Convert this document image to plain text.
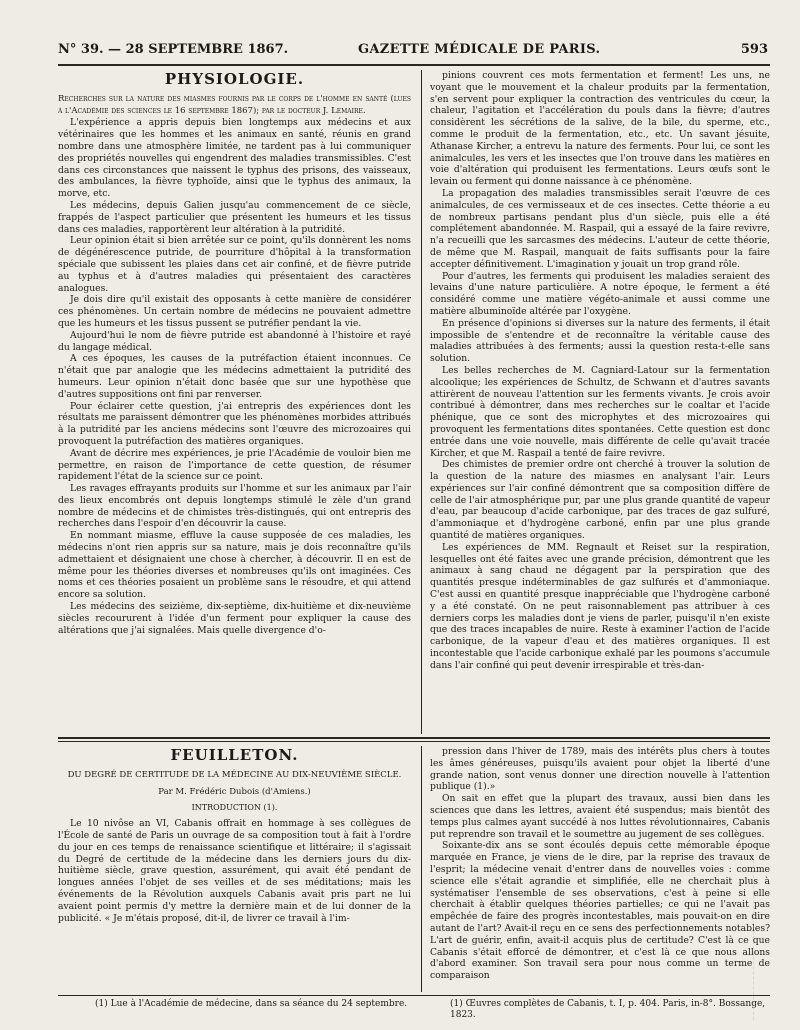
N° 39. — 28 SEPTEMBRE 1867.	GAZETTE MÉDICALE DE PARIS.	593
PHYSIOLOGIE.

Recherches sur la nature des miasmes fournis par le corps de l'homme en santé (lues à l'Académie des sciences le 16 septembre 1867); par le docteur J. Lemaire.

L'expérience a appris depuis bien longtemps aux médecins et aux vétérinaires que les hommes et les animaux en santé, réunis en grand nombre dans une atmosphère limitée, ne tardent pas à lui communiquer des propriétés nouvelles qui engendrent des maladies transmissibles. C'est dans ces circonstances que naissent le typhus des prisons, des vaisseaux, des ambulances, la fièvre typhoïde, ainsi que le typhus des animaux, la morve, etc.

Les médecins, depuis Galien jusqu'au commencement de ce siècle, frappés de l'aspect particulier que présentent les humeurs et les tissus dans ces maladies, rapportèrent leur altération à la putridité.

Leur opinion était si bien arrêtée sur ce point, qu'ils donnèrent les noms de dégénérescence putride, de pourriture d'hôpital à la transformation spéciale que subissent les plaies dans cet air confiné, et de fièvre putride au typhus et à d'autres maladies qui présentaient des caractères analogues.

Je dois dire qu'il existait des opposants à cette manière de considérer ces phénomènes. Un certain nombre de médecins ne pouvaient admettre que les humeurs et les tissus pussent se putréfier pendant la vie.

Aujourd'hui le nom de fièvre putride est abandonné à l'histoire et rayé du langage médical.

A ces époques, les causes de la putréfaction étaient inconnues. Ce n'était que par analogie que les médecins admettaient la putridité des humeurs. Leur opinion n'était donc basée que sur une hypothèse que d'autres suppositions ont fini par renverser.

Pour éclairer cette question, j'ai entrepris des expériences dont les résultats me paraissent démontrer que les phénomènes morbides attribués à la putridité par les anciens médecins sont l'œuvre des microzoaires qui provoquent la putréfaction des matières organiques.

Avant de décrire mes expériences, je prie l'Académie de vouloir bien me permettre, en raison de l'importance de cette question, de résumer rapidement l'état de la science sur ce point.

Les ravages effrayants produits sur l'homme et sur les animaux par l'air des lieux encombrés ont depuis longtemps stimulé le zèle d'un grand nombre de médecins et de chimistes très-distingués, qui ont entrepris des recherches dans l'espoir d'en découvrir la cause.

En nommant miasme, effluve la cause supposée de ces maladies, les médecins n'ont rien appris sur sa nature, mais je dois reconnaître qu'ils admettaient et désignaient une chose à chercher, à découvrir. Il en est de même pour les théories diverses et nombreuses qu'ils ont imaginées. Ces noms et ces théories posaient un problème sans le résoudre, et qui attend encore sa solution.

Les médecins des seizième, dix-septième, dix-huitième et dix-neuvième siècles recoururent à l'idée d'un ferment pour expliquer la cause des altérations que j'ai signalées. Mais quelle divergence d'o-

pinions couvrent ces mots fermentation et ferment! Les uns, ne voyant que le mouvement et la chaleur produits par la fermentation, s'en servent pour expliquer la contraction des ventricules du cœur, la chaleur, l'agitation et l'accélération du pouls dans la fièvre; d'autres considèrent les sécrétions de la salive, de la bile, du sperme, etc., comme le produit de la fermentation, etc., etc. Un savant jésuite, Athanase Kircher, a entrevu la nature des ferments. Pour lui, ce sont les animalcules, les vers et les insectes que l'on trouve dans les matières en voie d'altération qui produisent les fermentations. Leurs œufs sont le levain ou ferment qui donne naissance à ce phénomène.

La propagation des maladies transmissibles serait l'œuvre de ces animalcules, de ces vermisseaux et de ces insectes. Cette théorie a eu de nombreux partisans pendant plus d'un siècle, puis elle a été complétement abandonnée. M. Raspail, qui a essayé de la faire revivre, n'a recueilli que les sarcasmes des médecins. L'auteur de cette théorie, de même que M. Raspail, manquait de faits suffisants pour la faire accepter définitivement. L'imagination y jouait un trop grand rôle.

Pour d'autres, les ferments qui produisent les maladies seraient des levains d'une nature particulière. A notre époque, le ferment a été considéré comme une matière végéto-animale et aussi comme une matière albuminoïde altérée par l'oxygène.

En présence d'opinions si diverses sur la nature des ferments, il était impossible de s'entendre et de reconnaître la véritable cause des maladies attribuées à des ferments; aussi la question resta-t-elle sans solution.

Les belles recherches de M. Cagniard-Latour sur la fermentation alcoolique; les expériences de Schultz, de Schwann et d'autres savants attirèrent de nouveau l'attention sur les ferments vivants. Je crois avoir contribué à démontrer, dans mes recherches sur le coaltar et l'acide phénique, que ce sont des microphytes et des microzoaires qui provoquent les fermentations dites spontanées. Cette question est donc entrée dans une voie nouvelle, mais différente de celle qu'avait tracée Kircher, et que M. Raspail a tenté de faire revivre.

Des chimistes de premier ordre ont cherché à trouver la solution de la question de la nature des miasmes en analysant l'air. Leurs expériences sur l'air confiné démontrent que sa composition diffère de celle de l'air atmosphérique pur, par une plus grande quantité de vapeur d'eau, par beaucoup d'acide carbonique, par des traces de gaz sulfuré, d'ammoniaque et d'hydrogène carboné, enfin par une plus grande quantité de matières organiques.

Les expériences de MM. Regnault et Reiset sur la respiration, lesquelles ont été faites avec une grande précision, démontrent que les animaux à sang chaud ne dégagent par la perspiration que des quantités presque indéterminables de gaz sulfurés et d'ammoniaque. C'est aussi en quantité presque inappréciable que l'hydrogène carboné y a été constaté. On ne peut raisonnablement pas attribuer à ces derniers corps les maladies dont je viens de parler, puisqu'il n'en existe que des traces incapables de nuire. Reste à examiner l'action de l'acide carbonique, de la vapeur d'eau et des matières organiques. Il est incontestable que l'acide carbonique exhalé par les poumons s'accumule dans l'air confiné qui peut devenir irrespirable et très-dan-

FEUILLETON.
DU DEGRÉ DE CERTITUDE DE LA MÉDECINE AU DIX-NEUVIÈME SIÈCLE.
Par M. Frédéric Dubois (d'Amiens.)
INTRODUCTION (1).

Le 10 nivôse an VI, Cabanis offrait en hommage à ses collègues de l'École de santé de Paris un ouvrage de sa composition tout à fait à l'ordre du jour en ces temps de renaissance scientifique et littéraire; il s'agissait du Degré de certitude de la médecine dans les derniers jours du dix-huitième siècle, grave question, assurément, qui avait été pendant de longues années l'objet de ses veilles et de ses méditations; mais les événements de la Révolution auxquels Cabanis avait pris part ne lui avaient point permis d'y mettre la dernière main et de lui donner de la publicité. « Je m'étais proposé, dit-il, de livrer ce travail à l'im-

pression dans l'hiver de 1789, mais des intérêts plus chers à toutes les âmes généreuses, puisqu'ils avaient pour objet la liberté d'une grande nation, sont venus donner une direction nouvelle à l'attention publique (1).»

On sait en effet que la plupart des travaux, aussi bien dans les sciences que dans les lettres, avaient été suspendus; mais bientôt des temps plus calmes ayant succédé à nos luttes révolutionnaires, Cabanis put reprendre son travail et le soumettre au jugement de ses collègues.

Soixante-dix ans se sont écoulés depuis cette mémorable époque marquée en France, je viens de le dire, par la reprise des travaux de l'esprit; la médecine venait d'entrer dans de nouvelles voies : comme science elle s'était agrandie et simplifiée, elle ne cherchait plus à systématiser l'ensemble de ses observations, c'est à peine si elle cherchait à établir quelques théories partielles; ce qui ne l'avait pas empêchée de faire des progrès incontestables, mais pouvait-on en dire autant de l'art? Avait-il reçu en ce sens des perfectionnements notables? L'art de guérir, enfin, avait-il acquis plus de certitude? C'est là ce que Cabanis s'était efforcé de démontrer, et c'est là ce que nous allons d'abord examiner. Son travail sera pour nous comme un terme de comparaison

(1) Lue à l'Académie de médecine, dans sa séance du 24 septembre.	(1) Œuvres complètes de Cabanis, t. I, p. 404. Paris, in-8°. Bossange, 1823.
